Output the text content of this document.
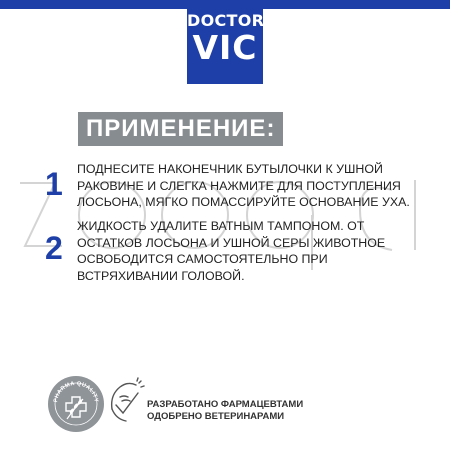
DOCTOR
VIC
ПРИМЕНЕНИЕ:
1 ПОДНЕСИТЕ НАКОНЕЧНИК БУТЫЛОЧКИ К УШНОЙ
РАКОВИНЕ И СЛЕГКА НАЖМИТЕ ДЛЯ ПОСТУПЛЕНИЯ
ЛОСЬОНА, МЯГКО ПОМАССИРУЙТЕ ОСНОВАНИЕ УХА.
2
ЖИДКОСТЬ УДАЛИТЕ ВАТНЫМ ТАМПОНОМ. ОТ
ОСТАТКОВ ЛОСЬОНА И УШНОЙ СЕРЫ ЖИВОТНОЕ
ОСВОБОДИТСЯ САМОСТОЯТЕЛЬНО ПРИ
ВСТРЯХИВАНИИ ГОЛОВОЙ.
PHARMA QUALITY	РАЗРАБОТАНО ФАРМАЦЕВТАМИ
ОДОБРЕНО ВЕТЕРИНАРАМИ
